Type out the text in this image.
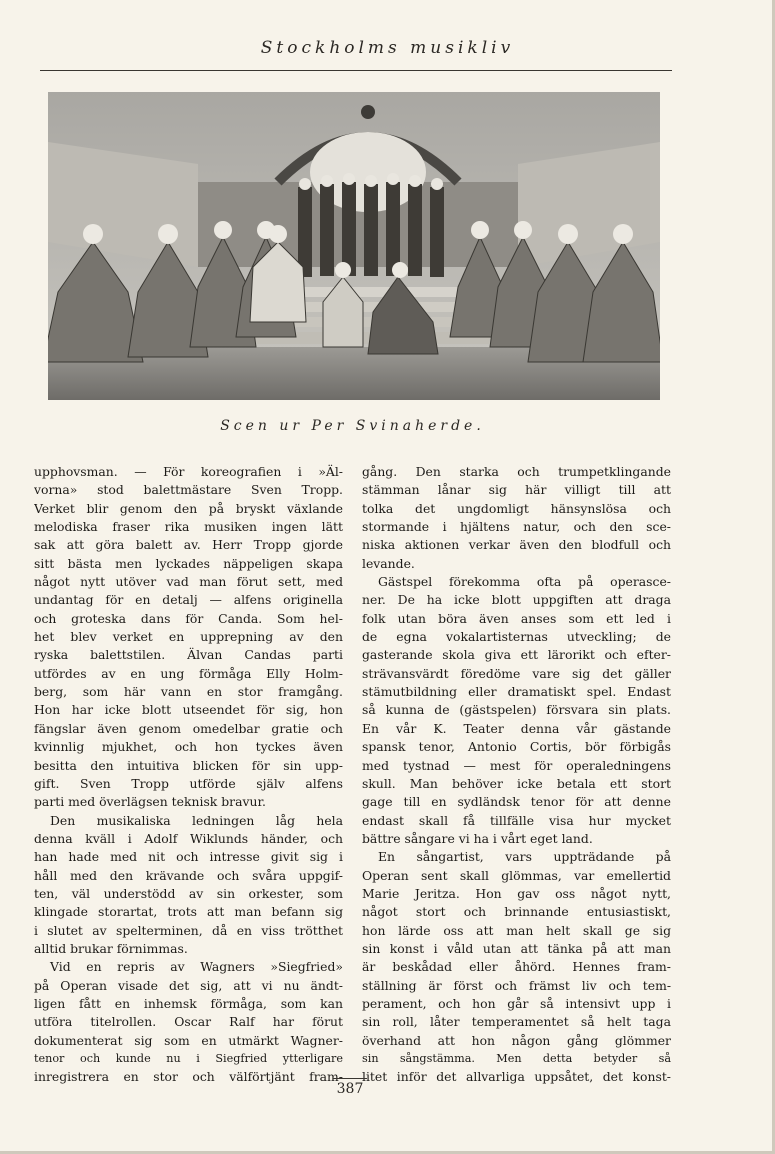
Stockholms musikliv
Scen ur Per Svinaherde.
upphovsman. — För koreografien i »Äl-
vorna» stod balettmästare Sven Tropp.
Verket blir genom den på bryskt växlande
melodiska fraser rika musiken ingen lätt
sak att göra balett av. Herr Tropp gjorde
sitt bästa men lyckades näppeligen skapa
något nytt utöver vad man förut sett, med
undantag för en detalj — alfens originella
och groteska dans för Canda. Som hel-
het blev verket en upprepning av den
ryska balettstilen. Älvan Candas parti
utfördes av en ung förmåga Elly Holm-
berg, som här vann en stor framgång.
Hon har icke blott utseendet för sig, hon
fängslar även genom omedelbar gratie och
kvinnlig mjukhet, och hon tyckes även
besitta den intuitiva blicken för sin upp-
gift. Sven Tropp utförde själv alfens
parti med överlägsen teknisk bravur.
Den musikaliska ledningen låg hela
denna kväll i Adolf Wiklunds händer, och
han hade med nit och intresse givit sig i
håll med den krävande och svåra uppgif-
ten, väl understödd av sin orkester, som
klingade storartat, trots att man befann sig
i slutet av spelterminen, då en viss trötthet
alltid brukar förnimmas.
Vid en repris av Wagners »Siegfried»
på Operan visade det sig, att vi nu ändt-
ligen fått en inhemsk förmåga, som kan
utföra titelrollen. Oscar Ralf har förut
dokumenterat sig som en utmärkt Wagner-
tenor och kunde nu i Siegfried ytterligare
inregistrera en stor och välförtjänt fram-
gång. Den starka och trumpetklingande
stämman lånar sig här villigt till att
tolka det ungdomligt hänsynslösa och
stormande i hjältens natur, och den sce-
niska aktionen verkar även den blodfull och
levande.
Gästspel förekomma ofta på operasce-
ner. De ha icke blott uppgiften att draga
folk utan böra även anses som ett led i
de egna vokalartisternas utveckling; de
gasterande skola giva ett lärorikt och efter-
strävansvärdt föredöme vare sig det gäller
stämutbildning eller dramatiskt spel. Endast
så kunna de (gästspelen) försvara sin plats.
En vår K. Teater denna vår gästande
spansk tenor, Antonio Cortis, bör förbigås
med tystnad — mest för operaledningens
skull. Man behöver icke betala ett stort
gage till en sydländsk tenor för att denne
endast skall få tillfälle visa hur mycket
bättre sångare vi ha i vårt eget land.
En sångartist, vars uppträdande på
Operan sent skall glömmas, var emellertid
Marie Jeritza. Hon gav oss något nytt,
något stort och brinnande entusiastiskt,
hon lärde oss att man helt skall ge sig
sin konst i våld utan att tänka på att man
är beskådad eller åhörd. Hennes fram-
ställning är först och främst liv och tem-
perament, och hon går så intensivt upp i
sin roll, låter temperamentet så helt taga
överhand att hon någon gång glömmer
sin sångstämma. Men detta betyder så
litet inför det allvarliga uppsåtet, det konst-
387
